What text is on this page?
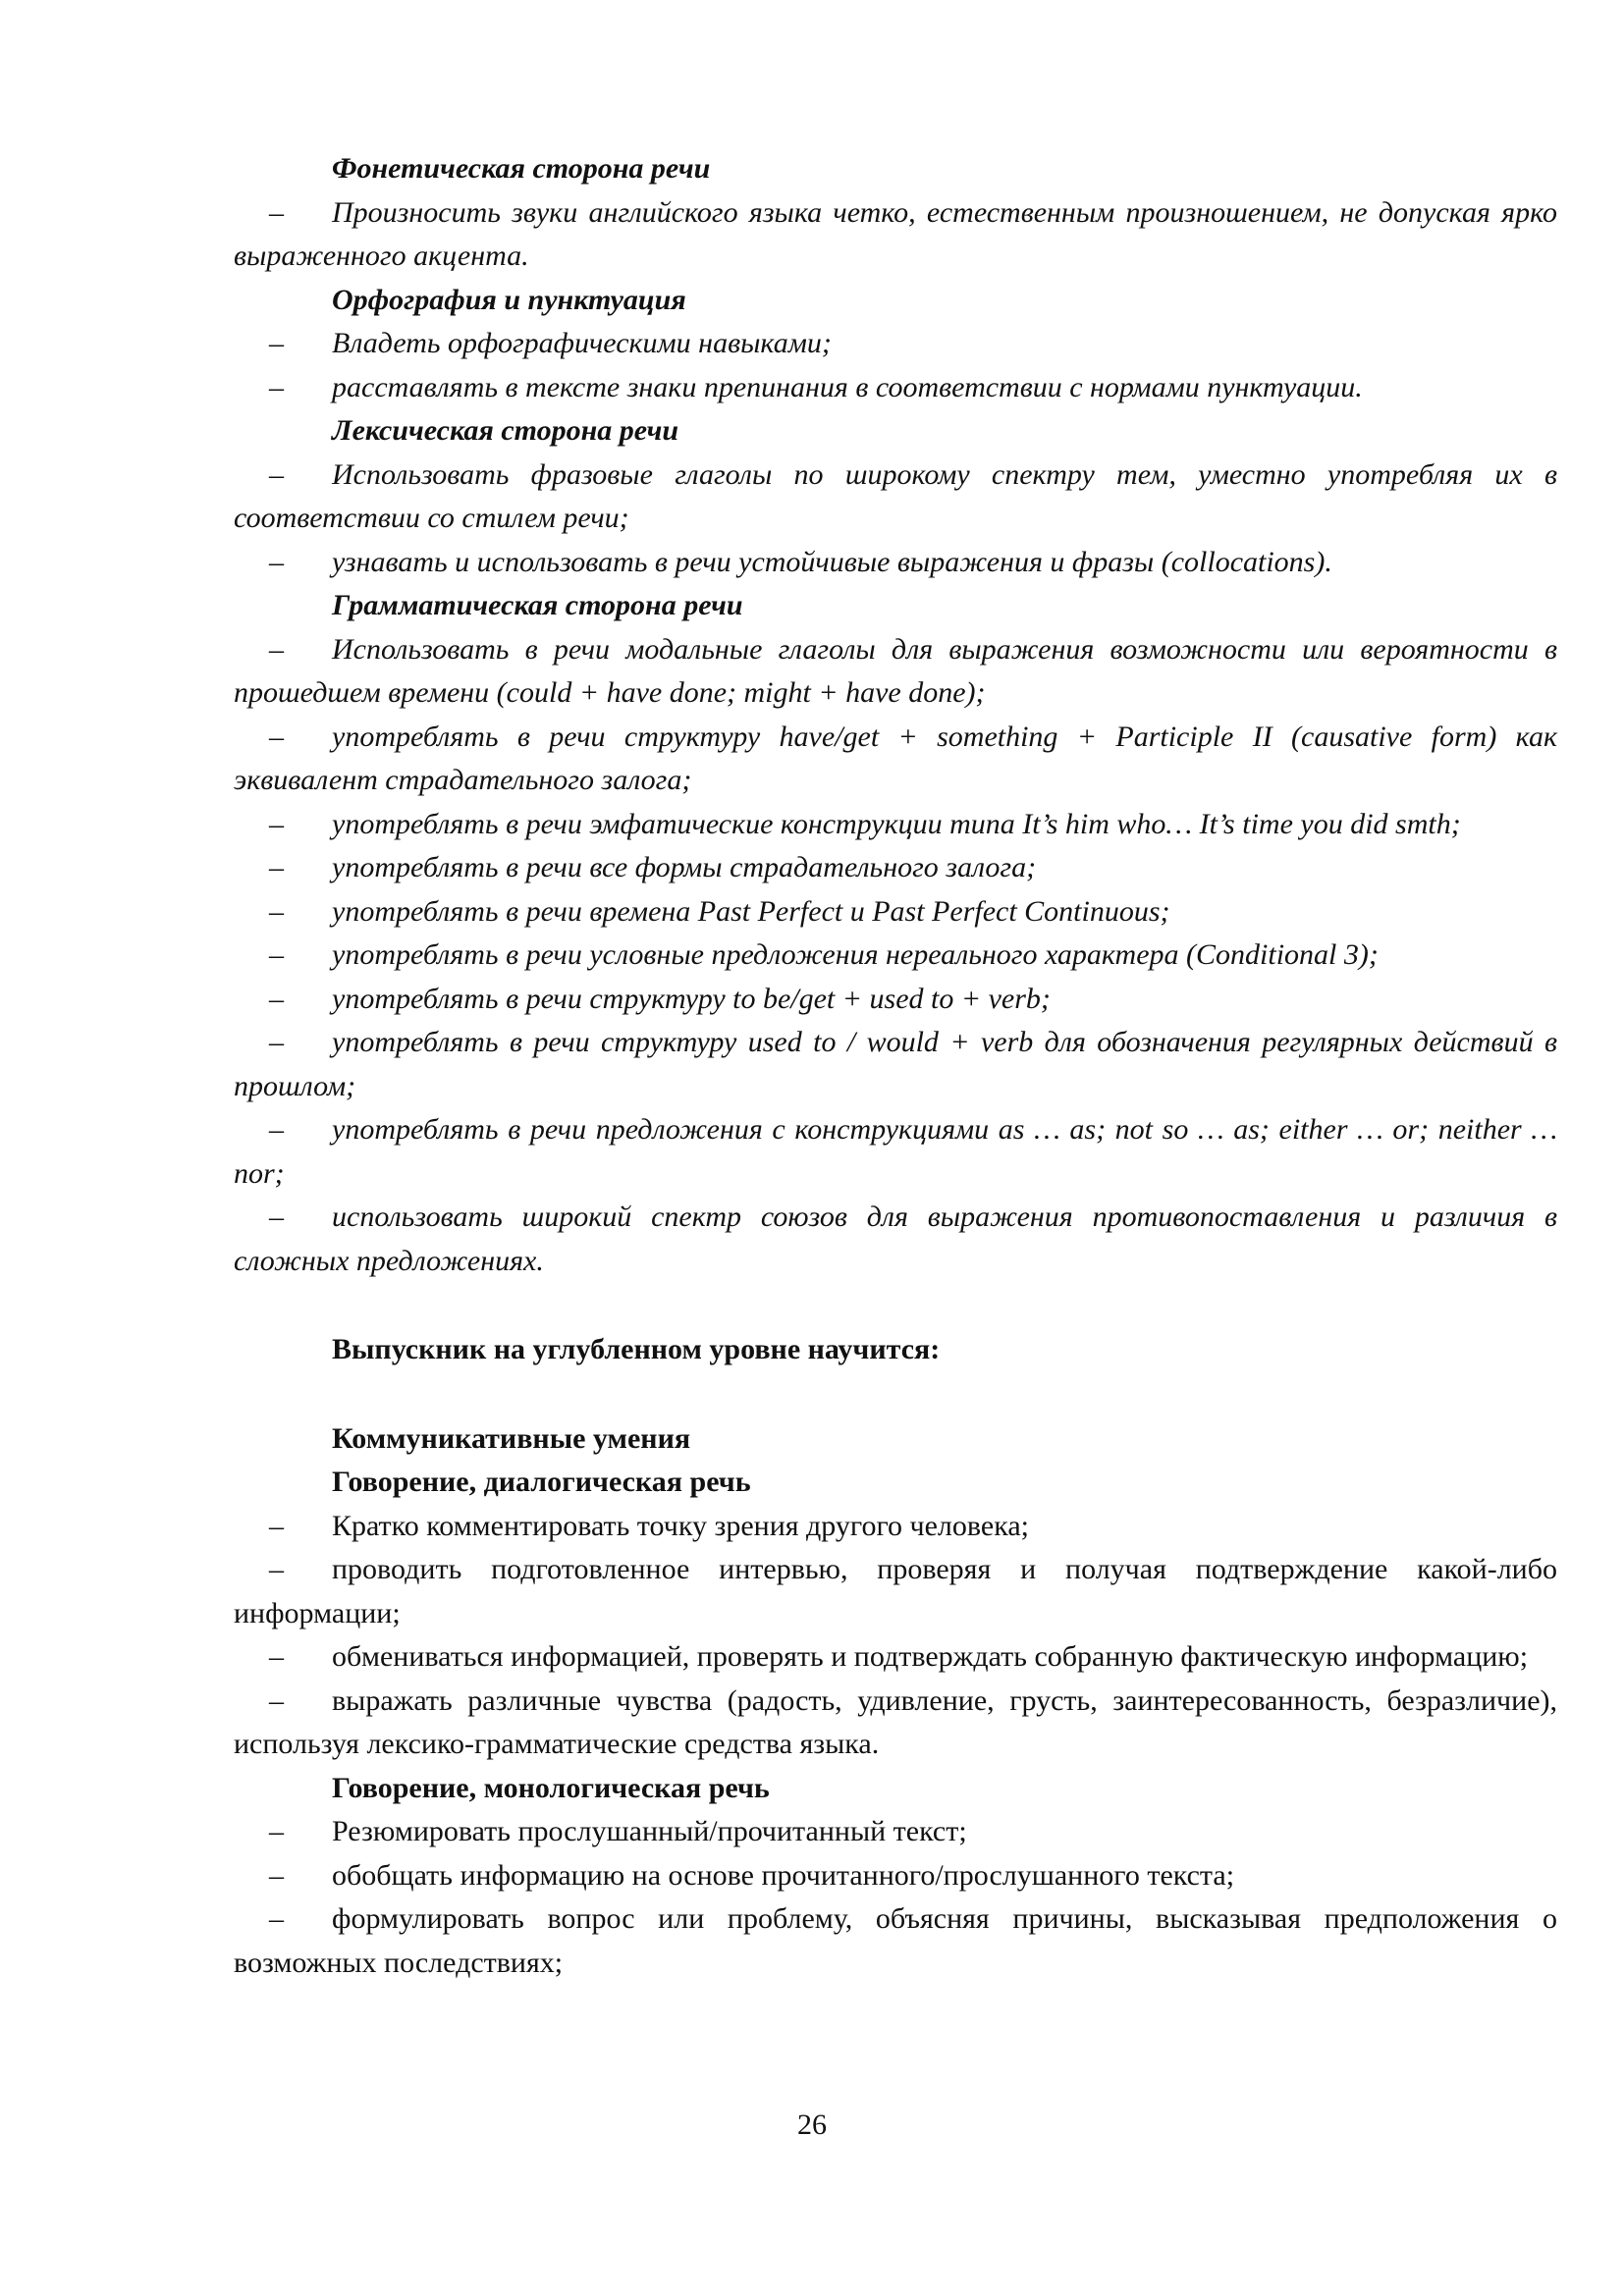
Фонетическая сторона речи
– Произносить звуки английского языка четко, естественным произношением, не допуская ярко выраженного акцента.
Орфография и пунктуация
– Владеть орфографическими навыками;
– расставлять в тексте знаки препинания в соответствии с нормами пунктуации.
Лексическая сторона речи
– Использовать фразовые глаголы по широкому спектру тем, уместно употребляя их в соответствии со стилем речи;
– узнавать и использовать в речи устойчивые выражения и фразы (collocations).
Грамматическая сторона речи
– Использовать в речи модальные глаголы для выражения возможности или вероятности в прошедшем времени (could + have done; might + have done);
– употреблять в речи структуру have/get + something + Participle II (causative form) как эквивалент страдательного залога;
– употреблять в речи эмфатические конструкции типа It’s him who… It’s time you did smth;
– употреблять в речи все формы страдательного залога;
– употреблять в речи времена Past Perfect и Past Perfect Continuous;
– употреблять в речи условные предложения нереального характера (Conditional 3);
– употреблять в речи структуру to be/get + used to + verb;
– употреблять в речи структуру used to / would + verb для обозначения регулярных действий в прошлом;
– употреблять в речи предложения с конструкциями as … as; not so … as; either … or; neither … nor;
– использовать широкий спектр союзов для выражения противопоставления и различия в сложных предложениях.
Выпускник на углубленном уровне научится:
Коммуникативные умения
Говорение, диалогическая речь
– Кратко комментировать точку зрения другого человека;
– проводить подготовленное интервью, проверяя и получая подтверждение какой-либо информации;
– обмениваться информацией, проверять и подтверждать собранную фактическую информацию;
– выражать различные чувства (радость, удивление, грусть, заинтересованность, безразличие), используя лексико-грамматические средства языка.
Говорение, монологическая речь
– Резюмировать прослушанный/прочитанный текст;
– обобщать информацию на основе прочитанного/прослушанного текста;
– формулировать вопрос или проблему, объясняя причины, высказывая предположения о возможных последствиях;
26
